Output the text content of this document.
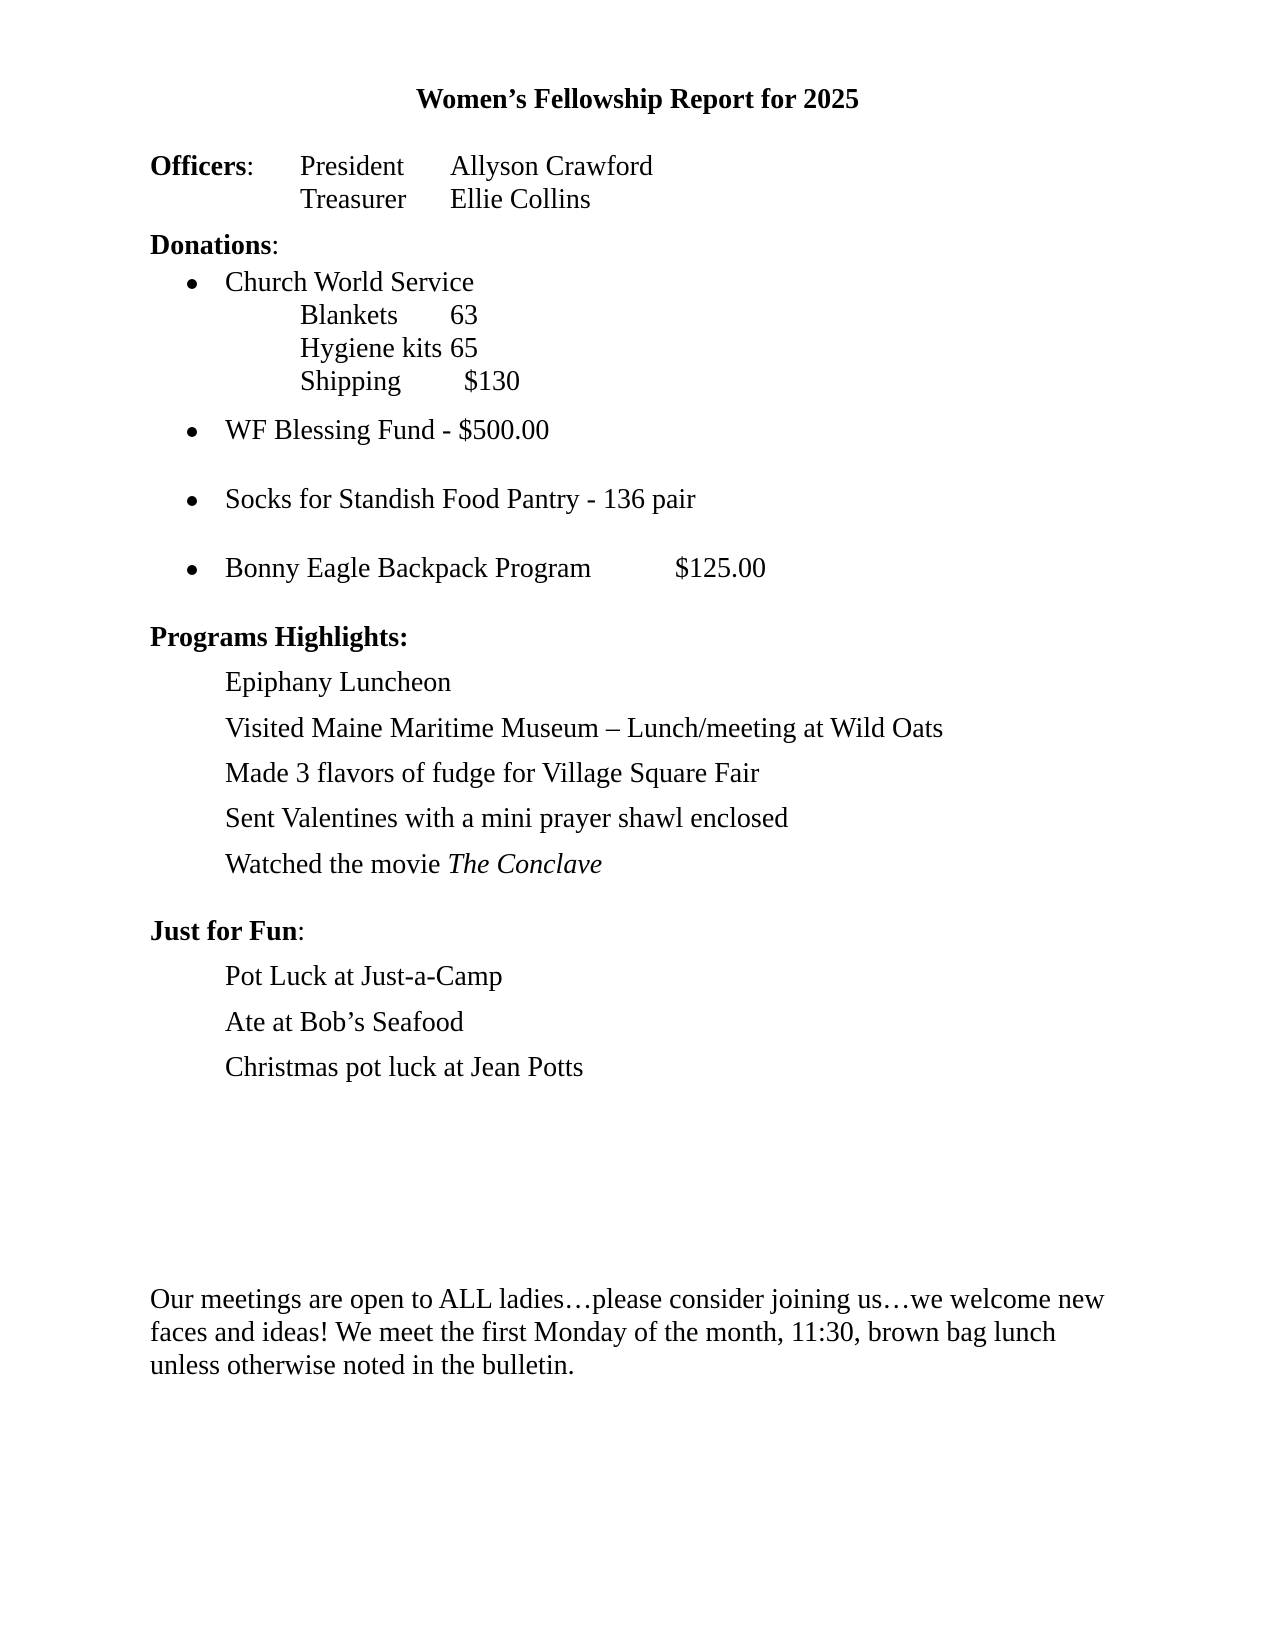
Women’s Fellowship Report for 2025
Officers: President Allyson Crawford
Treasurer Ellie Collins
Donations:
Church World Service
Blankets 63
Hygiene kits 65
Shipping $130
WF Blessing Fund - $500.00
Socks for Standish Food Pantry - 136 pair
Bonny Eagle Backpack Program	$125.00
Programs Highlights:
Epiphany Luncheon
Visited Maine Maritime Museum – Lunch/meeting at Wild Oats
Made 3 flavors of fudge for Village Square Fair
Sent Valentines with a mini prayer shawl enclosed
Watched the movie The Conclave
Just for Fun:
Pot Luck at Just-a-Camp
Ate at Bob’s Seafood
Christmas pot luck at Jean Potts
Our meetings are open to ALL ladies…please consider joining us…we welcome new faces and ideas! We meet the first Monday of the month, 11:30, brown bag lunch unless otherwise noted in the bulletin.
